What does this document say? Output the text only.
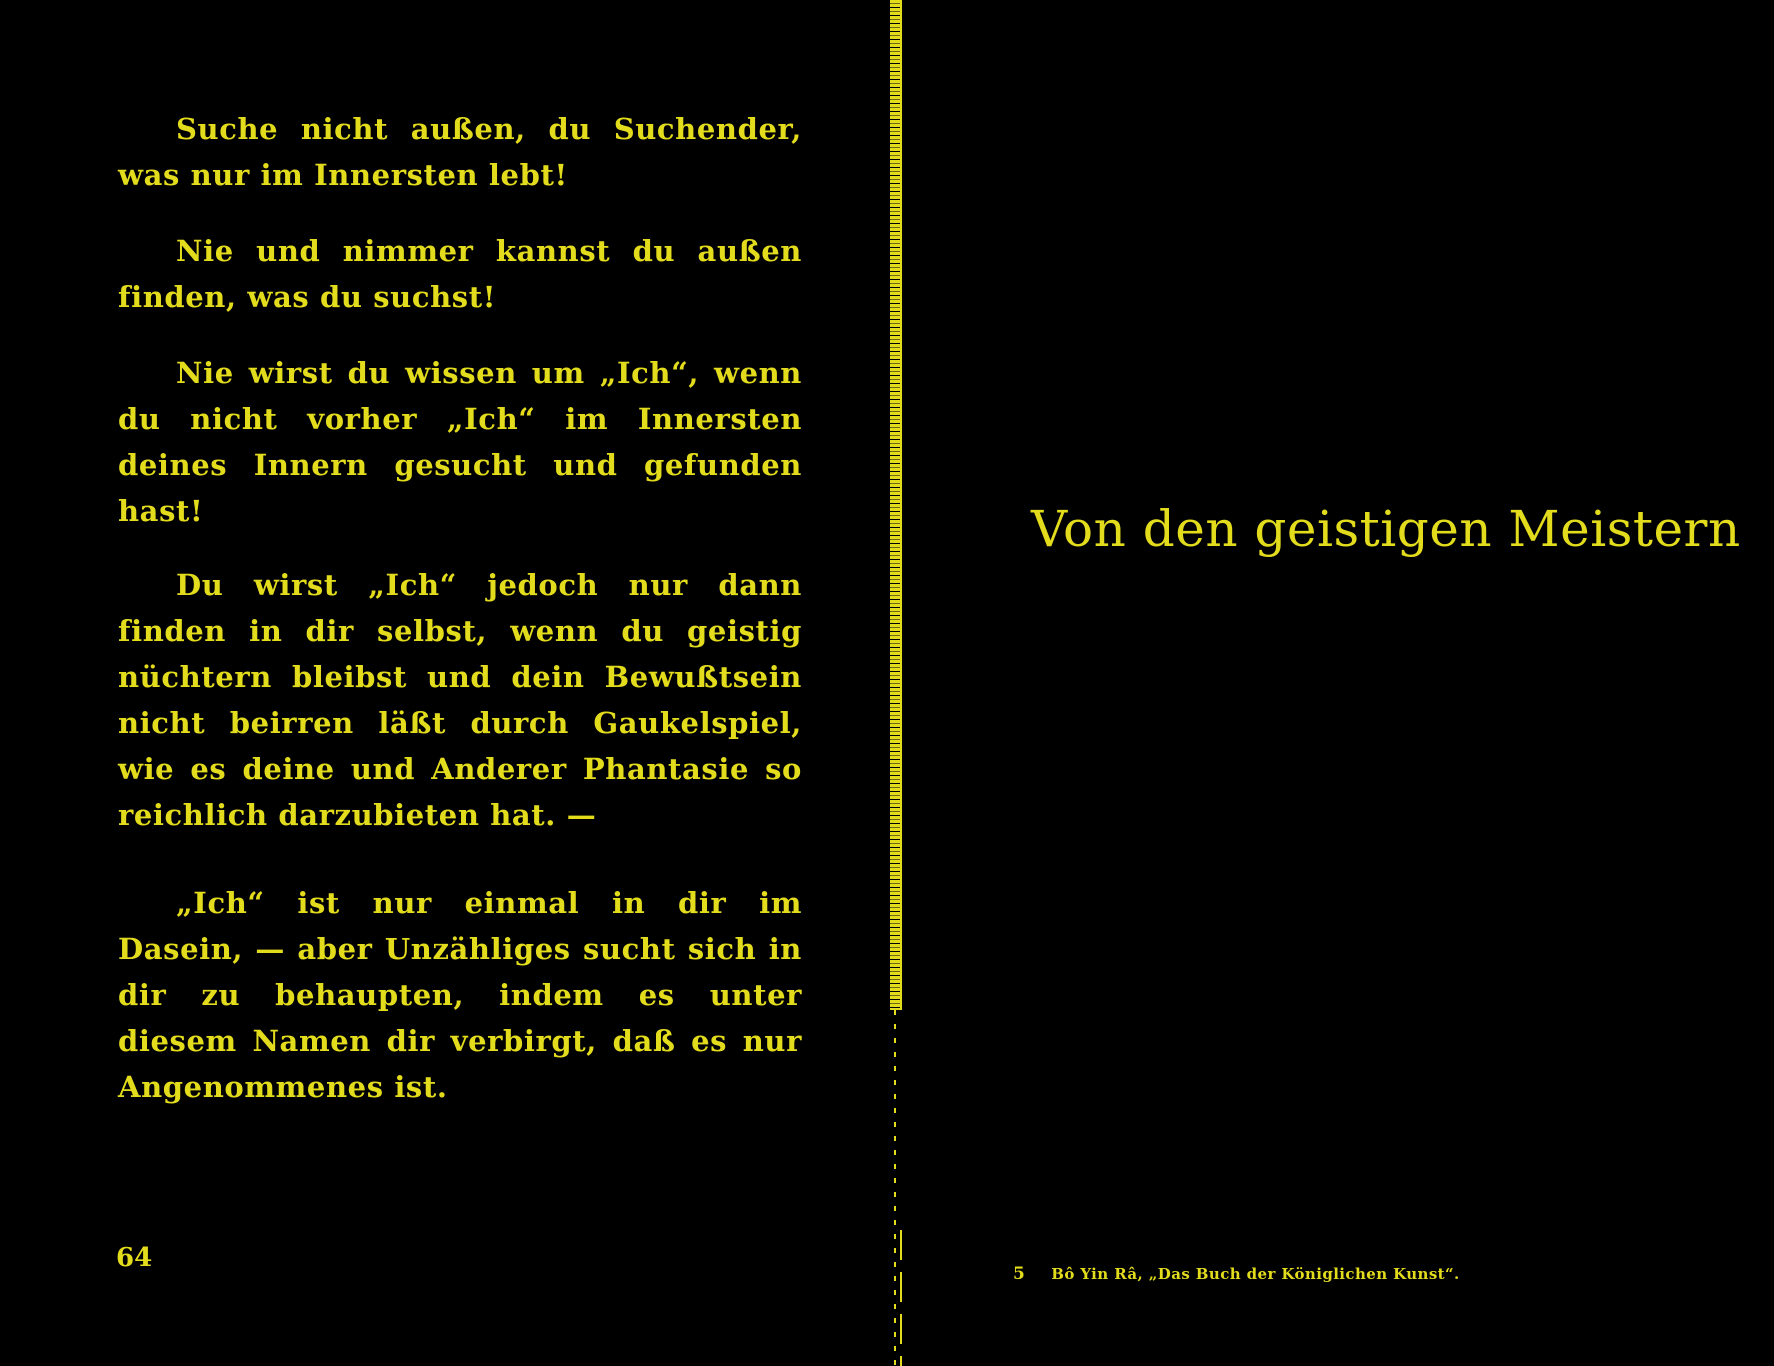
Suche nicht außen, du Suchender, was nur im Innersten lebt!

Nie und nimmer kannst du außen finden, was du suchst!

Nie wirst du wissen um „Ich“, wenn du nicht vorher „Ich“ im Innersten deines Innern gesucht und gefunden hast!

Du wirst „Ich“ jedoch nur dann finden in dir selbst, wenn du geistig nüchtern bleibst und dein Bewußtsein nicht beirren läßt durch Gaukelspiel, wie es deine und Anderer Phantasie so reichlich darzubieten hat. —

„Ich“ ist nur einmal in dir im Dasein, — aber Unzähliges sucht sich in dir zu behaupten, indem es unter diesem Namen dir verbirgt, daß es nur Angenommenes ist.

64
Von den geistigen Meistern
5 Bô Yin Râ, „Das Buch der Königlichen Kunst“.
